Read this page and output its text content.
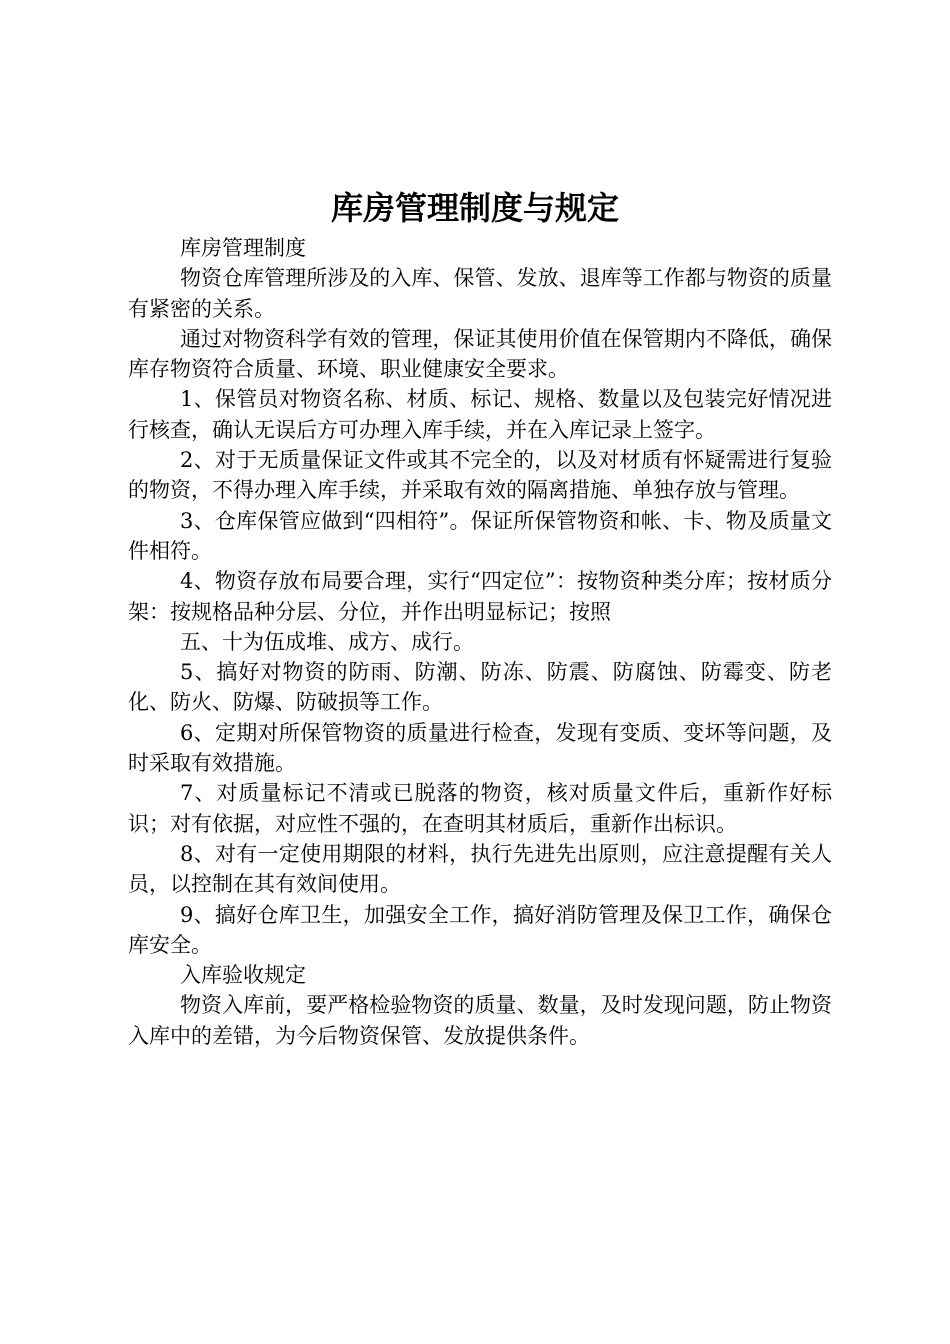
库房管理制度与规定

库房管理制度

物资仓库管理所涉及的入库、保管、发放、退库等工作都与物资的质量有紧密的关系。

通过对物资科学有效的管理，保证其使用价值在保管期内不降低，确保库存物资符合质量、环境、职业健康安全要求。

1、保管员对物资名称、材质、标记、规格、数量以及包装完好情况进行核查，确认无误后方可办理入库手续，并在入库记录上签字。

2、对于无质量保证文件或其不完全的，以及对材质有怀疑需进行复验的物资，不得办理入库手续，并采取有效的隔离措施、单独存放与管理。

3、仓库保管应做到“四相符”。保证所保管物资和帐、卡、物及质量文件相符。

4、物资存放布局要合理，实行“四定位”：按物资种类分库；按材质分架：按规格品种分层、分位，并作出明显标记；按照

五、十为伍成堆、成方、成行。

5、搞好对物资的防雨、防潮、防冻、防震、防腐蚀、防霉变、防老化、防火、防爆、防破损等工作。

6、定期对所保管物资的质量进行检查，发现有变质、变坏等问题，及时采取有效措施。

7、对质量标记不清或已脱落的物资，核对质量文件后，重新作好标识；对有依据，对应性不强的，在查明其材质后，重新作出标识。

8、对有一定使用期限的材料，执行先进先出原则，应注意提醒有关人员，以控制在其有效间使用。

9、搞好仓库卫生，加强安全工作，搞好消防管理及保卫工作，确保仓库安全。

入库验收规定

物资入库前，要严格检验物资的质量、数量，及时发现问题，防止物资入库中的差错，为今后物资保管、发放提供条件。
